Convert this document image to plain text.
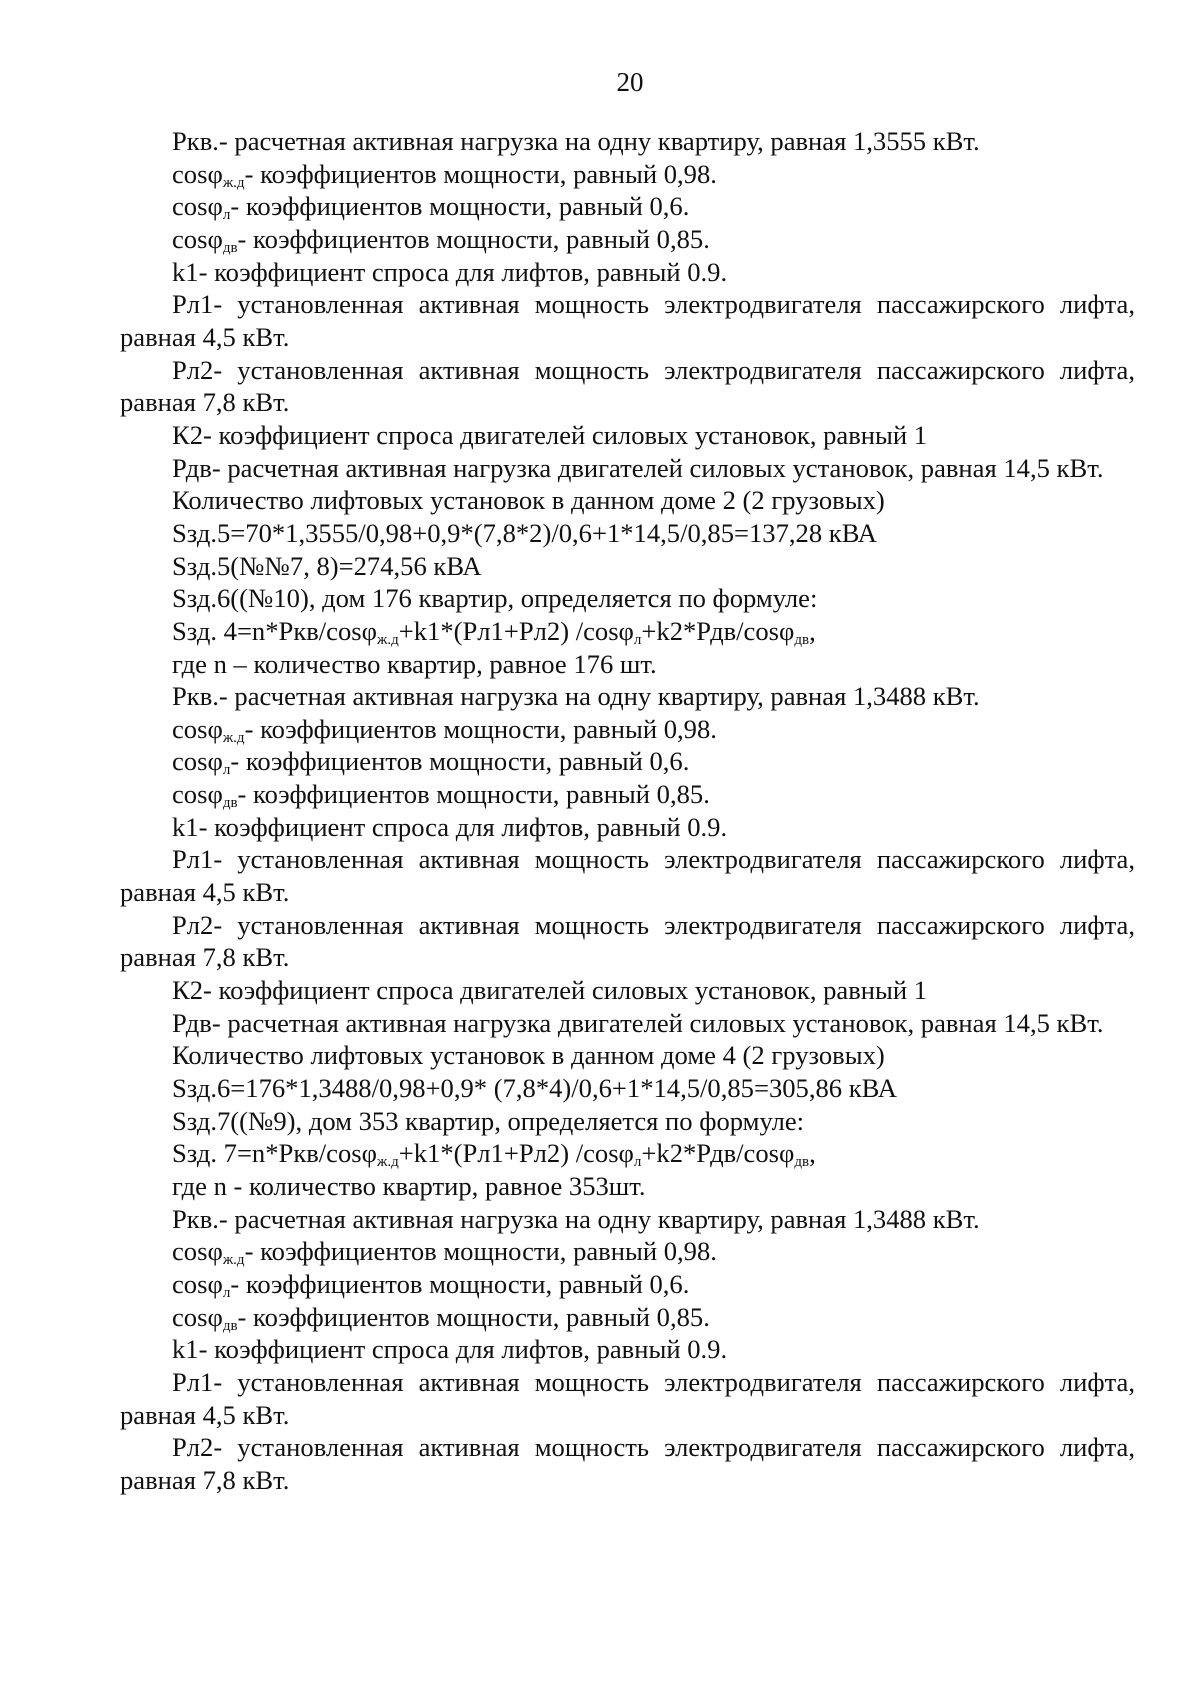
20
Ркв.- расчетная активная нагрузка на одну квартиру, равная 1,3555 кВт.
cosφ$_{ж.д}$- коэффициентов мощности, равный 0,98.
cosφ$_л$- коэффициентов мощности, равный 0,6.
cosφ$_{дв}$- коэффициентов мощности, равный 0,85.
k1- коэффициент спроса для лифтов, равный 0.9.
Рл1- установленная активная мощность электродвигателя пассажирского лифта, равная 4,5 кВт.
Рл2- установленная активная мощность электродвигателя пассажирского лифта, равная 7,8 кВт.
К2- коэффициент спроса двигателей силовых установок, равный 1
Рдв- расчетная активная нагрузка двигателей силовых установок, равная 14,5 кВт.
Количество лифтовых установок в данном доме 2 (2 грузовых)
Sзд.5=70*1,3555/0,98+0,9*(7,8*2)/0,6+1*14,5/0,85=137,28 кВА
Sзд.5(№№7, 8)=274,56 кВА
Sзд.6((№10), дом 176 квартир, определяется по формуле:
Sзд. 4=n*Ркв/cosφ$_{ж.д}$+k1*(Рл1+Рл2) /cosφ$_л$+k2*Рдв/cosφ$_{дв}$,
где n – количество квартир, равное 176 шт.
Ркв.- расчетная активная нагрузка на одну квартиру, равная 1,3488 кВт.
cosφ$_{ж.д}$- коэффициентов мощности, равный 0,98.
cosφ$_л$- коэффициентов мощности, равный 0,6.
cosφ$_{дв}$- коэффициентов мощности, равный 0,85.
k1- коэффициент спроса для лифтов, равный 0.9.
Рл1- установленная активная мощность электродвигателя пассажирского лифта, равная 4,5 кВт.
Рл2- установленная активная мощность электродвигателя пассажирского лифта, равная 7,8 кВт.
К2- коэффициент спроса двигателей силовых установок, равный 1
Рдв- расчетная активная нагрузка двигателей силовых установок, равная 14,5 кВт.
Количество лифтовых установок в данном доме 4 (2 грузовых)
Sзд.6=176*1,3488/0,98+0,9* (7,8*4)/0,6+1*14,5/0,85=305,86 кВА
Sзд.7((№9), дом 353 квартир, определяется по формуле:
Sзд. 7=n*Ркв/cosφ$_{ж.д}$+k1*(Рл1+Рл2) /cosφ$_л$+k2*Рдв/cosφ$_{дв}$,
где n - количество квартир, равное 353шт.
Ркв.- расчетная активная нагрузка на одну квартиру, равная 1,3488 кВт.
cosφ$_{ж.д}$- коэффициентов мощности, равный 0,98.
cosφ$_л$- коэффициентов мощности, равный 0,6.
cosφ$_{дв}$- коэффициентов мощности, равный 0,85.
k1- коэффициент спроса для лифтов, равный 0.9.
Рл1- установленная активная мощность электродвигателя пассажирского лифта, равная 4,5 кВт.
Рл2- установленная активная мощность электродвигателя пассажирского лифта, равная 7,8 кВт.
